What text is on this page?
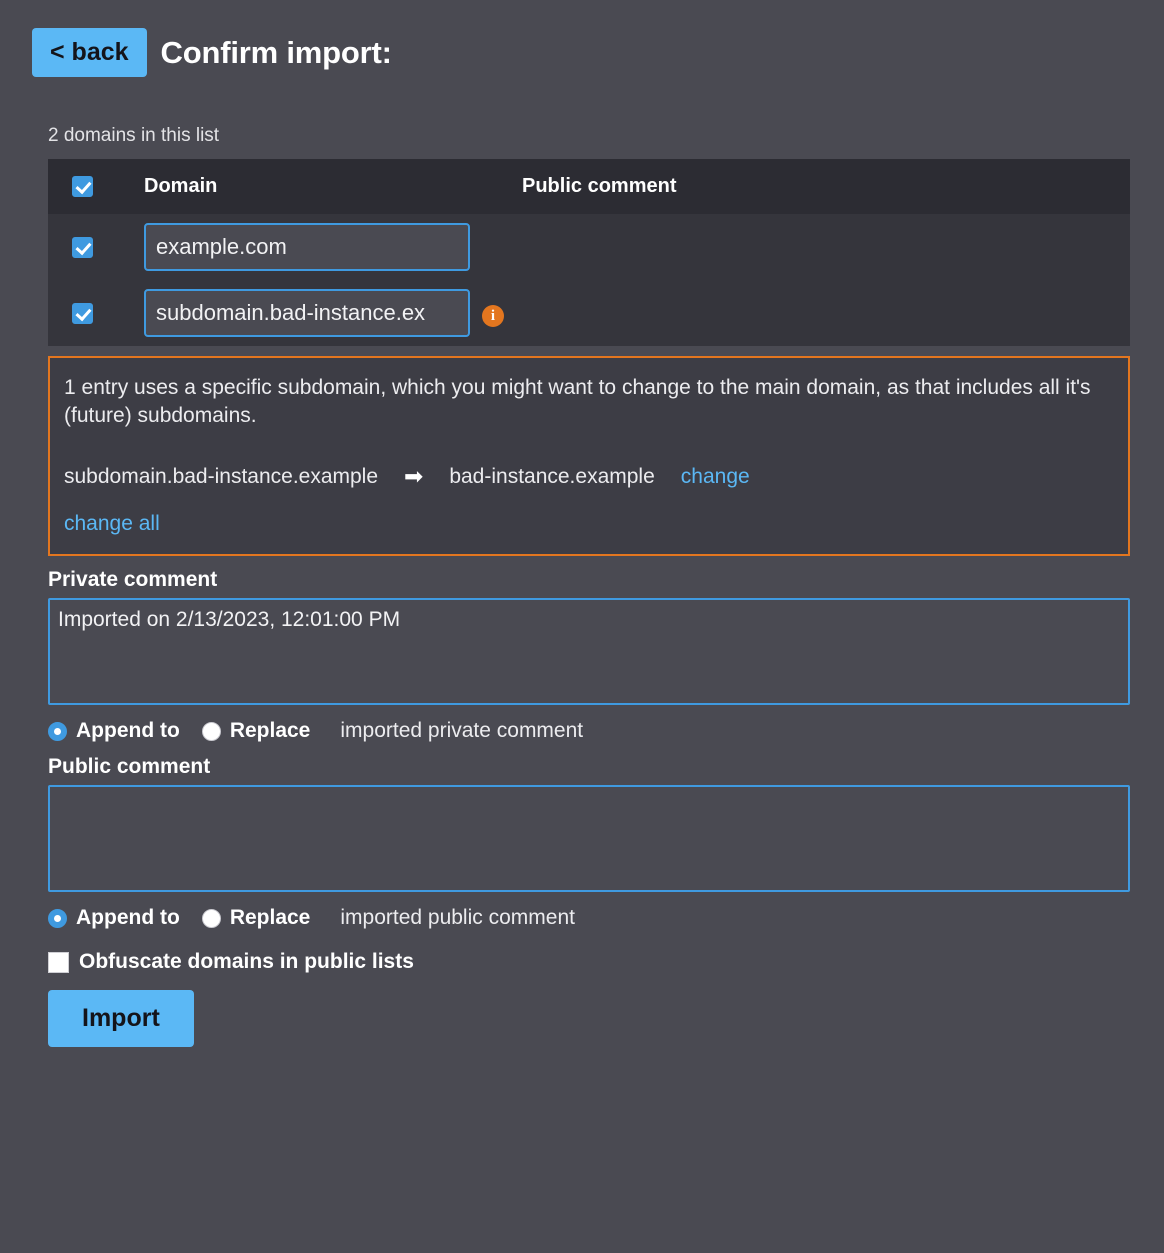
< back	Confirm import:
2 domains in this list
	Domain	Public comment
	example.com	
	subdomain.bad-instance.exi	
1 entry uses a specific subdomain, which you might want to change to the main domain, as that includes all it's (future) subdomains.
subdomain.bad-instance.example ➡ bad-instance.example change
change all
Private comment
Imported on 2/13/2023, 12:01:00 PM
Append to Replace imported private comment
Public comment
Append to Replace imported public comment
Obfuscate domains in public lists
Import
